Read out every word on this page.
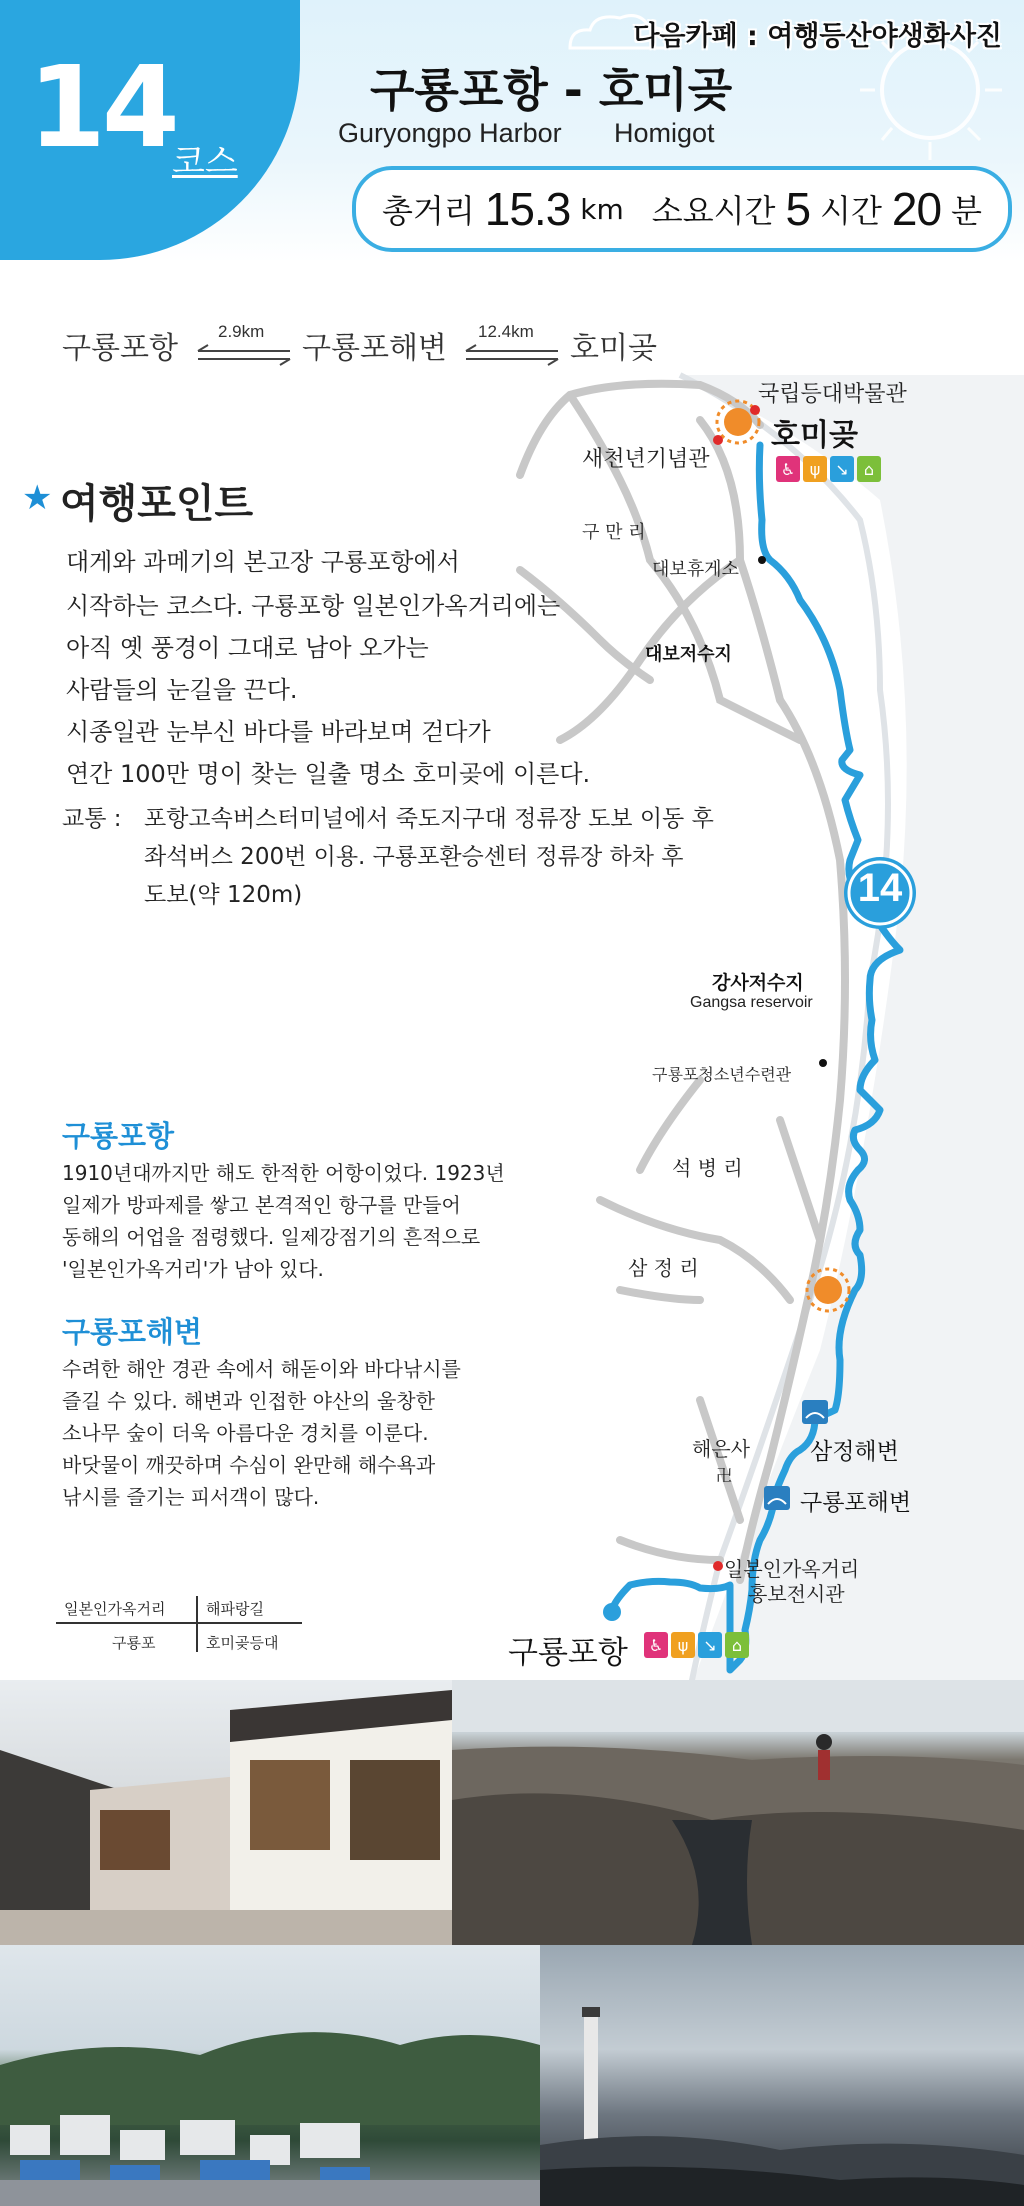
14
코스
다음카페 : 여행등산야생화사진
구룡포항 - 호미곶
Guryongpo Harbor Homigot
총거리 15.3 km 소요시간 5 시간 20 분
구룡포항 2.9km 구룡포해변 12.4km 호미곶
국립등대박물관
호미곶
새천년기념관	♿ ψ ↘ ⌂
구 만 리
대보휴게소
대보저수지
14
강사저수지
Gangsa reservoir
구룡포청소년수련관
석 병 리
삼 정 리
해은사
卍
삼정해변
구룡포해변
일본인가옥거리
홍보전시관
구룡포항	♿ ψ ↘ ⌂
★ 여행포인트
대게와 과메기의 본고장 구룡포항에서
시작하는 코스다. 구룡포항 일본인가옥거리에는
아직 옛 풍경이 그대로 남아 오가는
사람들의 눈길을 끈다.
시종일관 눈부신 바다를 바라보며 걷다가
연간 100만 명이 찾는 일출 명소 호미곶에 이른다.
교통 : 포항고속버스터미널에서 죽도지구대 정류장 도보 이동 후
좌석버스 200번 이용. 구룡포환승센터 정류장 하차 후
도보(약 120m)
구룡포항
1910년대까지만 해도 한적한 어항이었다. 1923년
일제가 방파제를 쌓고 본격적인 항구를 만들어
동해의 어업을 점령했다. 일제강점기의 흔적으로
'일본인가옥거리'가 남아 있다.
구룡포해변
수려한 해안 경관 속에서 해돋이와 바다낚시를
즐길 수 있다. 해변과 인접한 야산의 울창한
소나무 숲이 더욱 아름다운 경치를 이룬다.
바닷물이 깨끗하며 수심이 완만해 해수욕과
낚시를 즐기는 피서객이 많다.
일본인가옥거리	해파랑길
구룡포	호미곶등대
